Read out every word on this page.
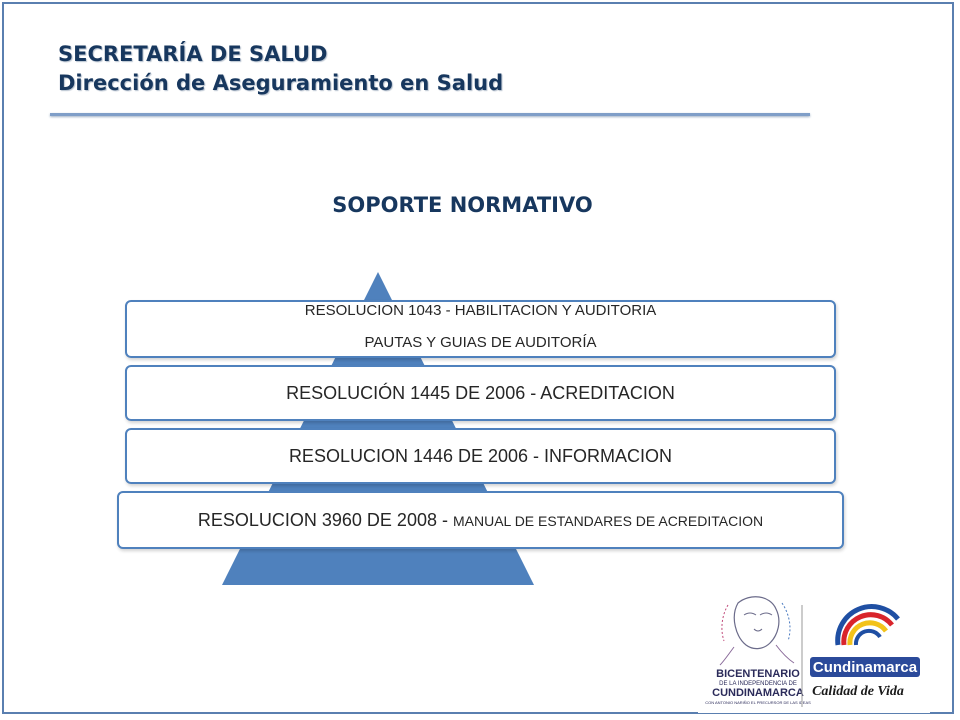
SECRETARÍA DE SALUD
Dirección de Aseguramiento en Salud
SOPORTE NORMATIVO
RESOLUCION 1043 - HABILITACION Y AUDITORIA
PAUTAS Y GUIAS DE AUDITORÍA
RESOLUCIÓN 1445 DE 2006 - ACREDITACION
RESOLUCION 1446 DE 2006 - INFORMACION
RESOLUCION 3960 DE 2008 - MANUAL DE ESTANDARES DE ACREDITACION
BICENTENARIO
DE LA INDEPENDENCIA DE
CUNDINAMARCA
CON ANTONIO NARIÑO EL PRECURSOR DE LAS IDEAS
Cundinamarca
Calidad de Vida
